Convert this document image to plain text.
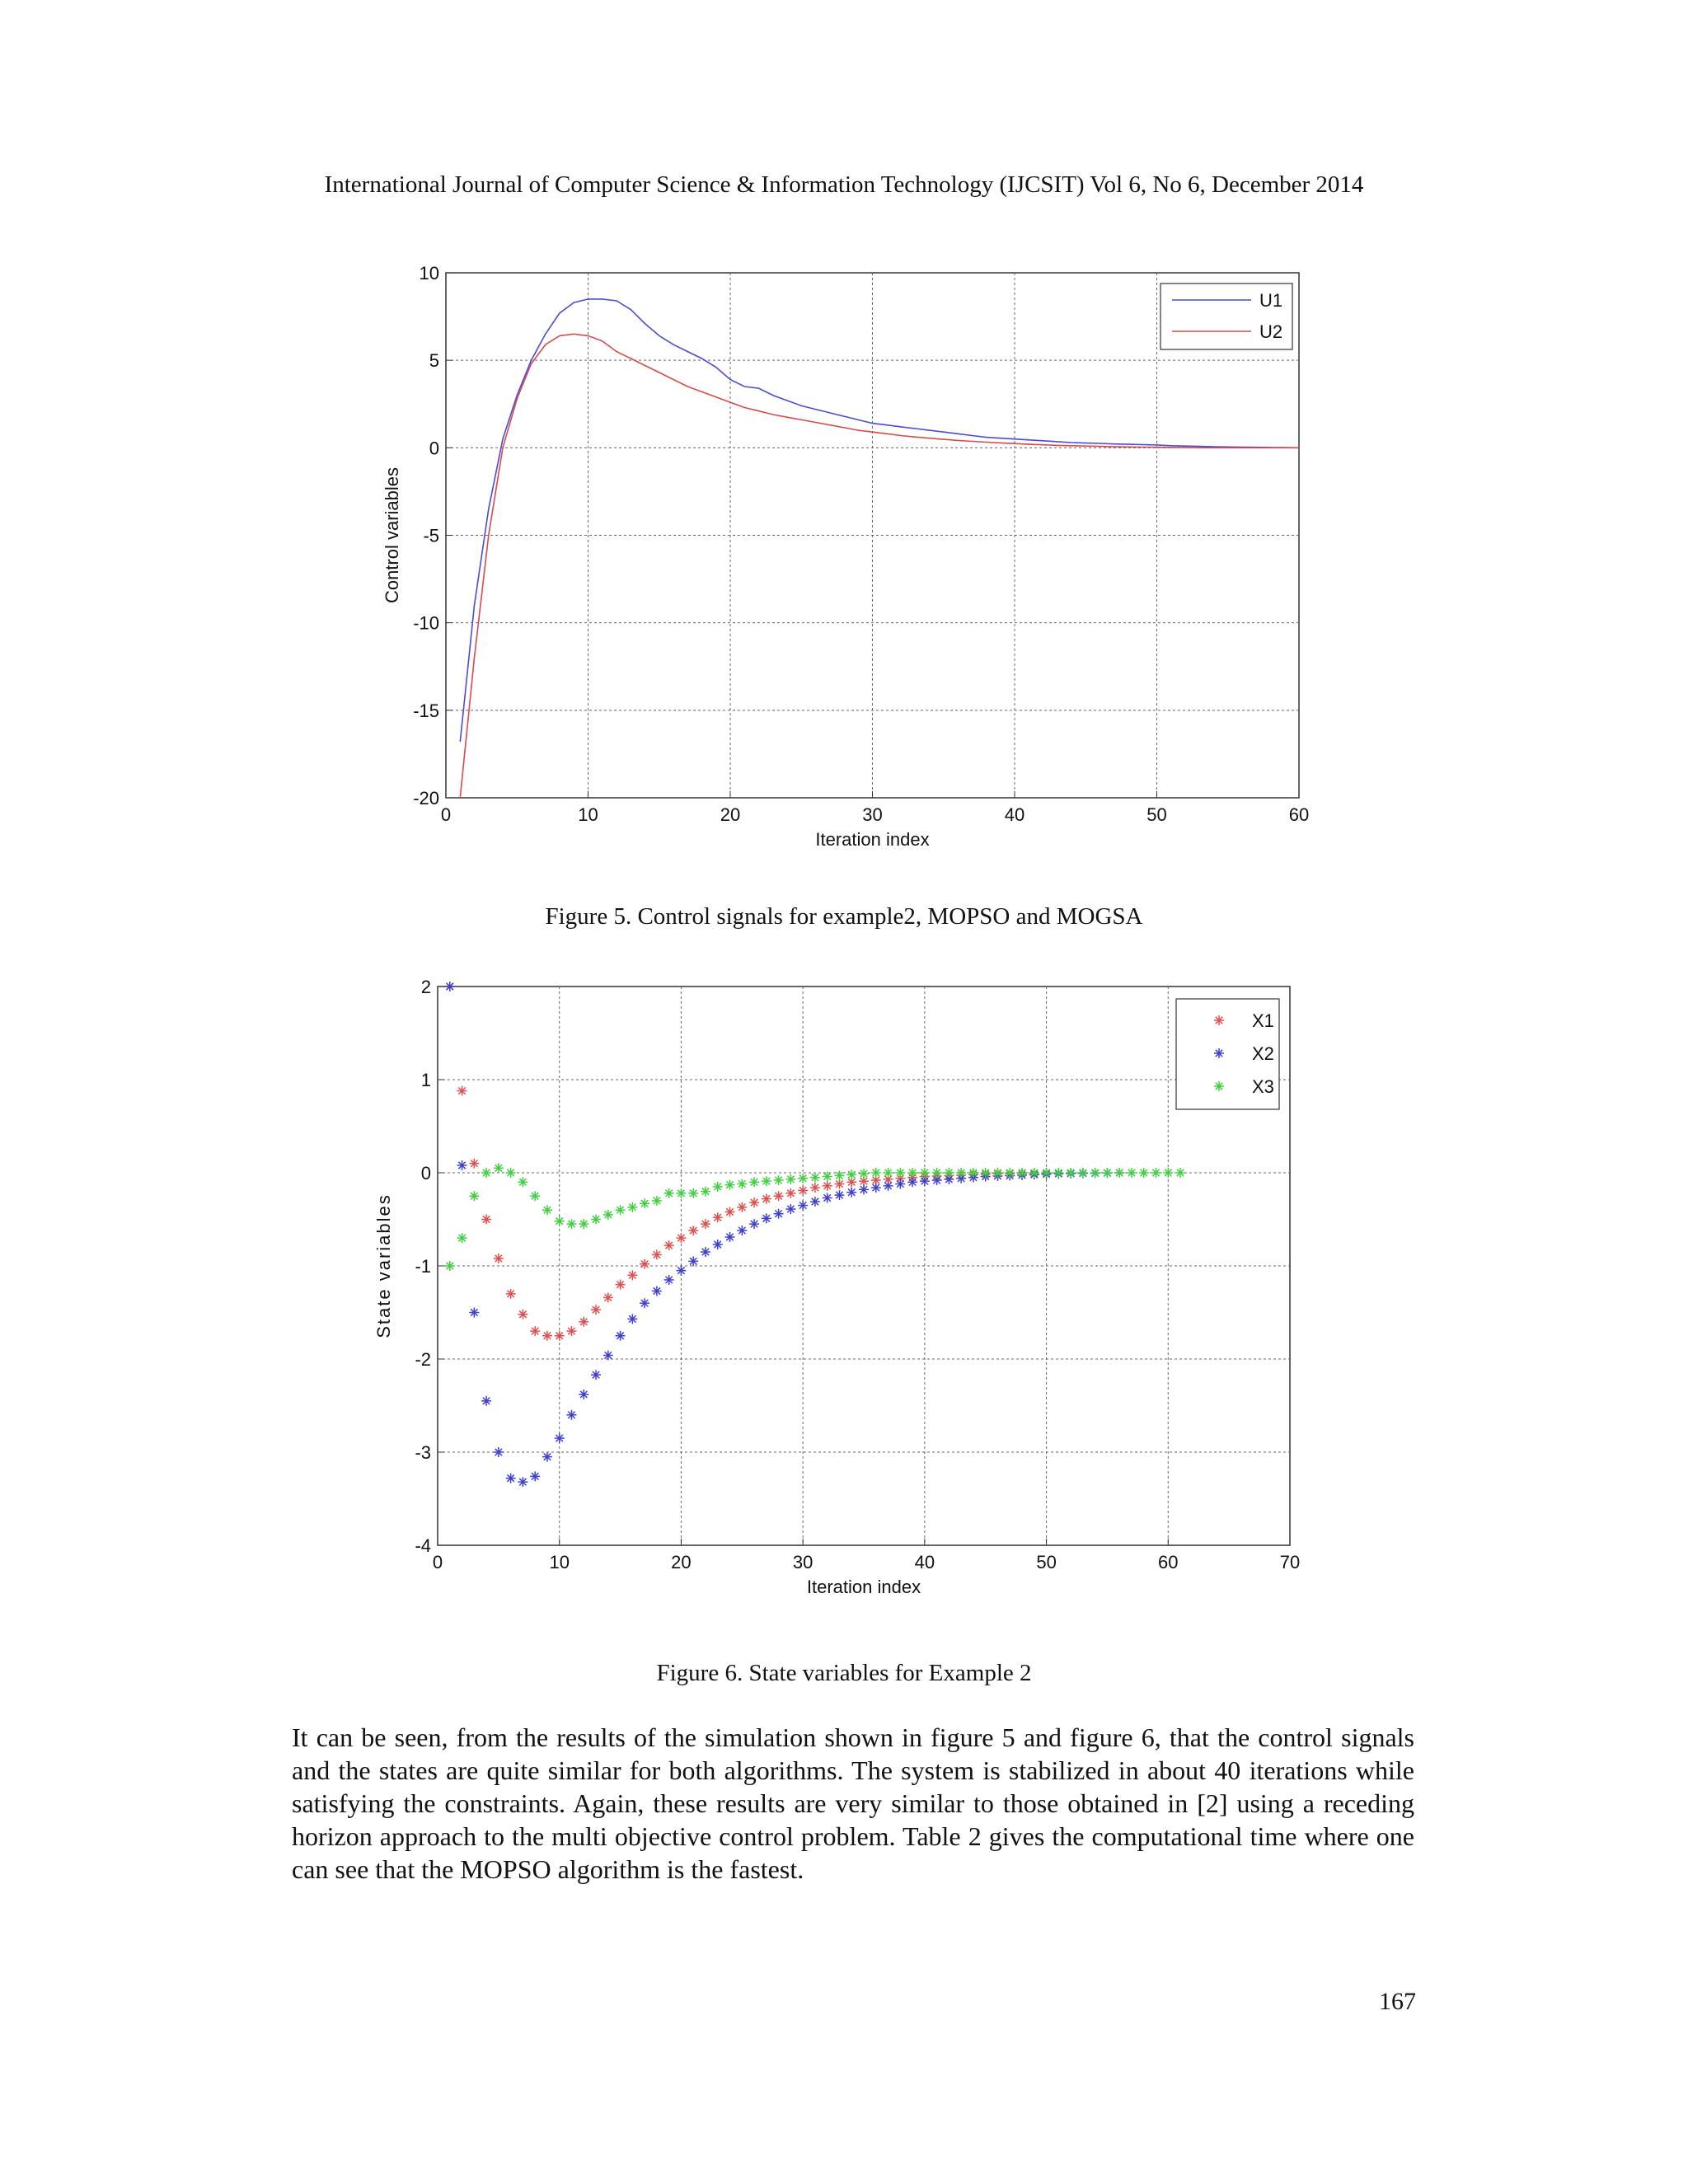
International Journal of Computer Science & Information Technology (IJCSIT) Vol 6, No 6, December 2014
0	10	20	30	40	50	60
10
5
0
-5
-10
-15
-20
Iteration index
Control variables
U1
U2
Figure 5. Control signals for example2, MOPSO and MOGSA
0	10	20	30	40	50	60	70
2
1
0
-1
-2
-3
-4
Iteration index
State variables
X1
X2
X3
Figure 6. State variables for Example 2
It can be seen, from the results of the simulation shown in figure 5 and figure 6, that the control signals and the states are quite similar for both algorithms. The system is stabilized in about 40 iterations while satisfying the constraints. Again, these results are very similar to those obtained in [2] using a receding horizon approach to the multi objective control problem. Table 2 gives the computational time where one can see that the MOPSO algorithm is the fastest.
167
